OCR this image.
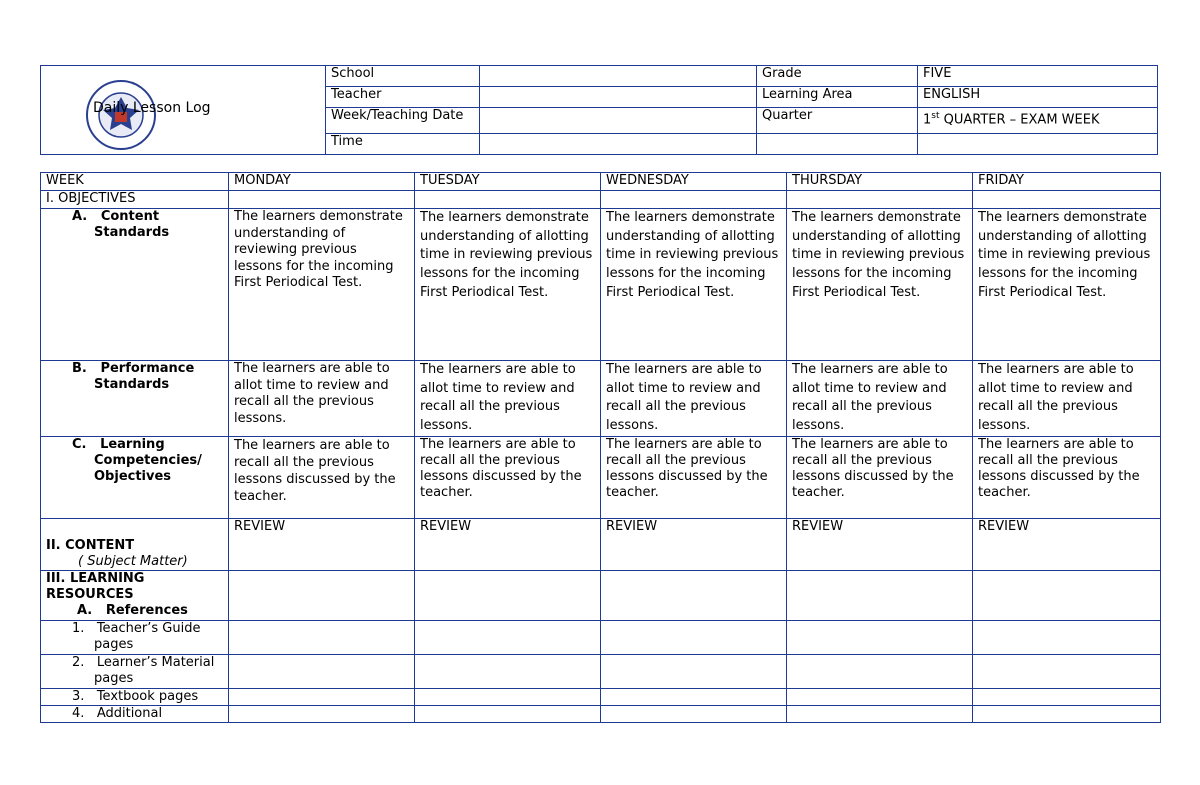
Daily Lesson Log	School		Grade	FIVE
	Teacher		Learning Area	ENGLISH
	Week/Teaching Date		Quarter	1st QUARTER – EXAM WEEK
	Time			
WEEK	MONDAY	TUESDAY	WEDNESDAY	THURSDAY	FRIDAY
I. OBJECTIVES					
A. Content Standards	The learners demonstrate understanding of reviewing previous lessons for the incoming First Periodical Test.	The learners demonstrate understanding of allotting time in reviewing previous lessons for the incoming First Periodical Test.	The learners demonstrate understanding of allotting time in reviewing previous lessons for the incoming First Periodical Test.	The learners demonstrate understanding of allotting time in reviewing previous lessons for the incoming First Periodical Test.	The learners demonstrate understanding of allotting time in reviewing previous lessons for the incoming First Periodical Test.
B. Performance Standards	The learners are able to allot time to review and recall all the previous lessons.	The learners are able to allot time to review and recall all the previous lessons.	The learners are able to allot time to review and recall all the previous lessons.	The learners are able to allot time to review and recall all the previous lessons.	The learners are able to allot time to review and recall all the previous lessons.
C. Learning Competencies/ Objectives	The learners are able to recall all the previous lessons discussed by the teacher.	The learners are able to recall all the previous lessons discussed by the teacher.	The learners are able to recall all the previous lessons discussed by the teacher.	The learners are able to recall all the previous lessons discussed by the teacher.	The learners are able to recall all the previous lessons discussed by the teacher.

II. CONTENT
( Subject Matter)	REVIEW	REVIEW	REVIEW	REVIEW	REVIEW

III. LEARNING RESOURCES
A. References					

1. Teacher’s Guide pages					
2. Learner’s Material pages					
3. Textbook pages					
4. Additional					
